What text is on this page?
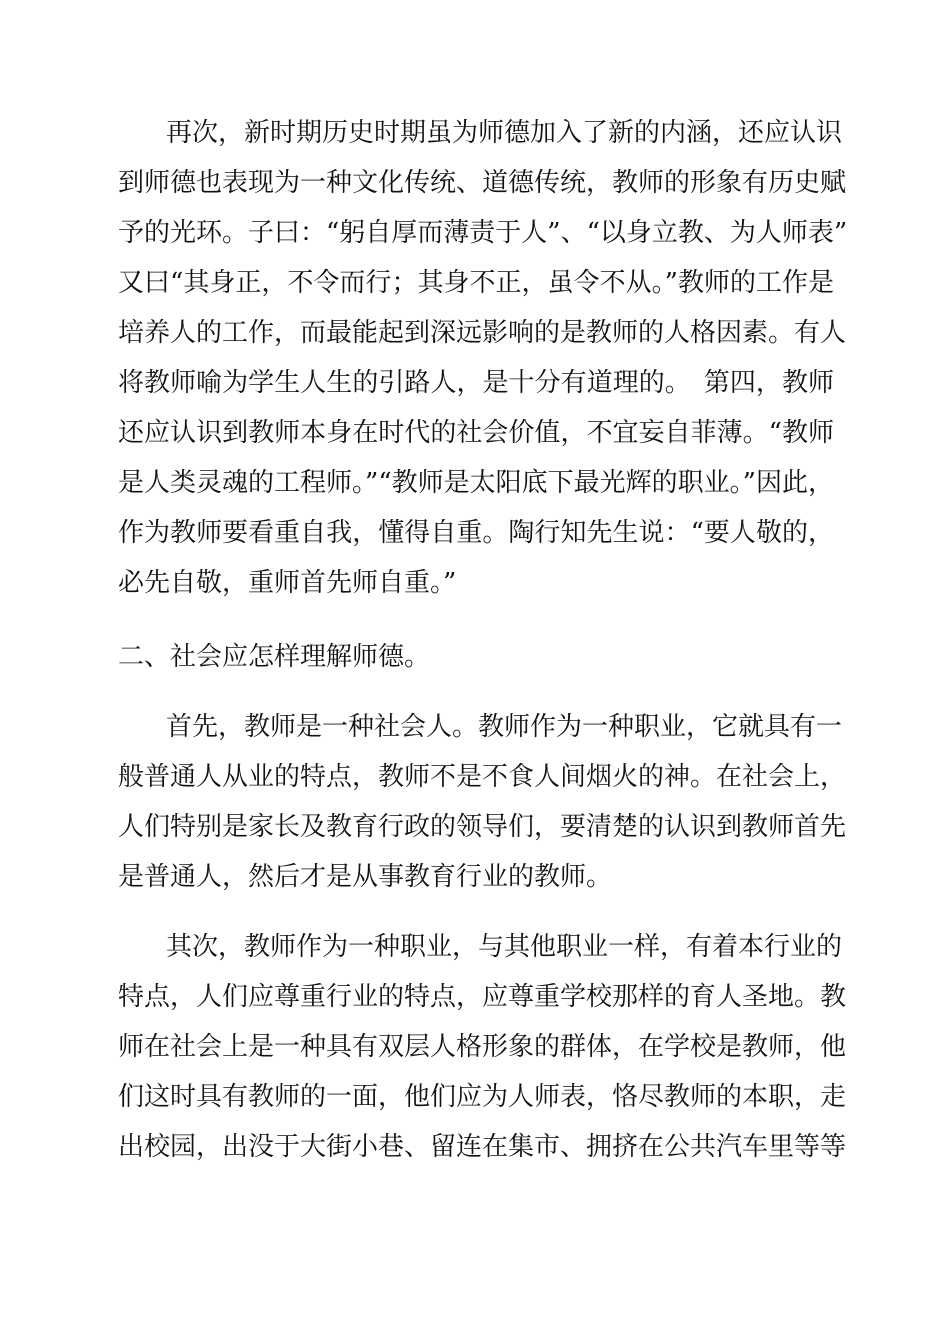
再次，新时期历史时期虽为师德加入了新的内涵，还应认识

到师德也表现为一种文化传统、道德传统，教师的形象有历史赋

予的光环。子曰：“躬自厚而薄责于人”、“以身立教、为人师表”

又曰“其身正，不令而行；其身不正，虽令不从。”教师的工作是

培养人的工作，而最能起到深远影响的是教师的人格因素。有人

将教师喻为学生人生的引路人，是十分有道理的。　第四，教师

还应认识到教师本身在时代的社会价值，不宜妄自菲薄。“教师

是人类灵魂的工程师。”“教师是太阳底下最光辉的职业。”因此，

作为教师要看重自我，懂得自重。陶行知先生说：“要人敬的，

必先自敬，重师首先师自重。”

二、社会应怎样理解师德。

首先，教师是一种社会人。教师作为一种职业，它就具有一

般普通人从业的特点，教师不是不食人间烟火的神。在社会上，

人们特别是家长及教育行政的领导们，要清楚的认识到教师首先

是普通人，然后才是从事教育行业的教师。

其次，教师作为一种职业，与其他职业一样，有着本行业的

特点，人们应尊重行业的特点，应尊重学校那样的育人圣地。教

师在社会上是一种具有双层人格形象的群体，在学校是教师，他

们这时具有教师的一面，他们应为人师表，恪尽教师的本职，走

出校园，出没于大街小巷、留连在集市、拥挤在公共汽车里等等
